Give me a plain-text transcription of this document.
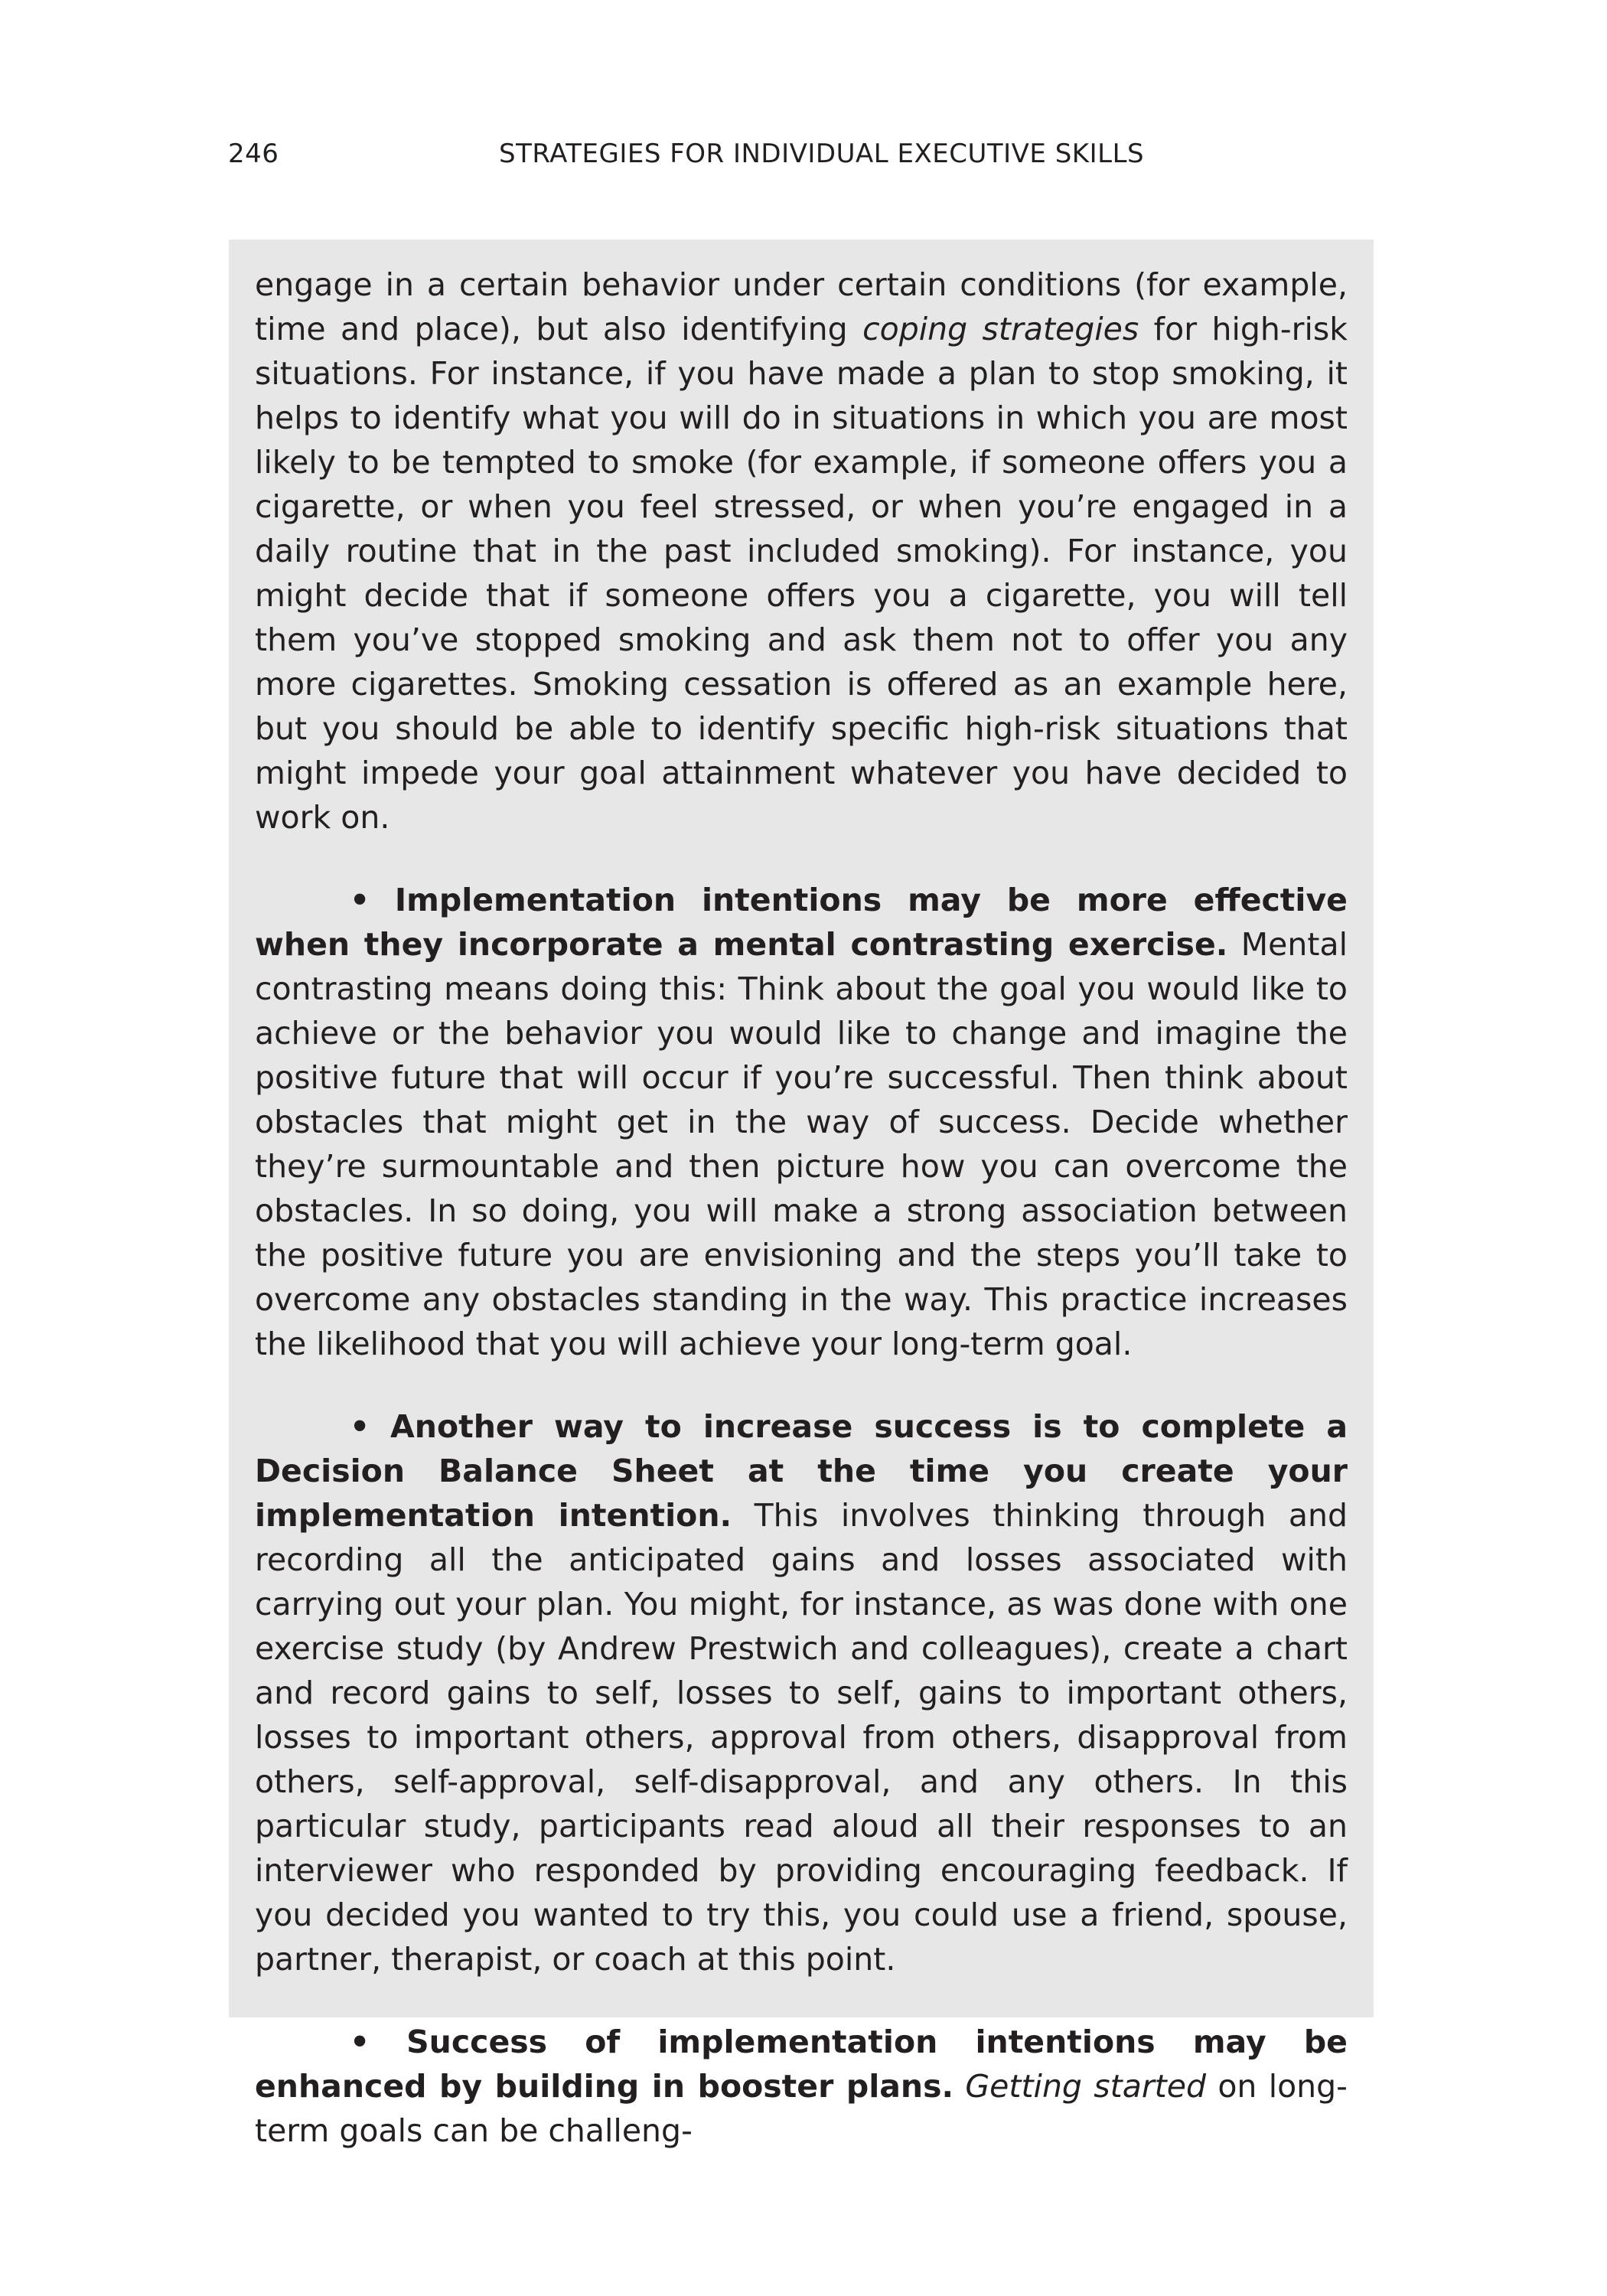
246	STRATEGIES FOR INDIVIDUAL EXECUTIVE SKILLS

engage in a certain behavior under certain conditions (for example, time and place), but also identifying coping strategies for high-risk situations. For instance, if you have made a plan to stop smoking, it helps to identify what you will do in situations in which you are most likely to be tempted to smoke (for example, if someone offers you a cigarette, or when you feel stressed, or when you’re engaged in a daily routine that in the past included smoking). For instance, you might decide that if someone offers you a cigarette, you will tell them you’ve stopped smoking and ask them not to offer you any more cigarettes. Smoking cessation is offered as an example here, but you should be able to identify specific high-risk situations that might impede your goal attainment whatever you have decided to work on.

• Implementation intentions may be more effective when they incorporate a mental contrasting exercise. Mental contrasting means doing this: Think about the goal you would like to achieve or the behavior you would like to change and imagine the positive future that will occur if you’re successful. Then think about obstacles that might get in the way of success. Decide whether they’re surmountable and then picture how you can overcome the obstacles. In so doing, you will make a strong association between the positive future you are envisioning and the steps you’ll take to overcome any obstacles standing in the way. This practice increases the likelihood that you will achieve your long-term goal.

• Another way to increase success is to complete a Decision Balance Sheet at the time you create your implementation intention. This involves thinking through and recording all the anticipated gains and losses associated with carrying out your plan. You might, for instance, as was done with one exercise study (by Andrew Prestwich and colleagues), create a chart and record gains to self, losses to self, gains to important others, losses to important others, approval from others, disapproval from others, self-approval, self-disapproval, and any others. In this particular study, participants read aloud all their responses to an interviewer who responded by providing encouraging feedback. If you decided you wanted to try this, you could use a friend, spouse, partner, therapist, or coach at this point.

• Success of implementation intentions may be enhanced by building in booster plans. Getting started on long-term goals can be challeng-
